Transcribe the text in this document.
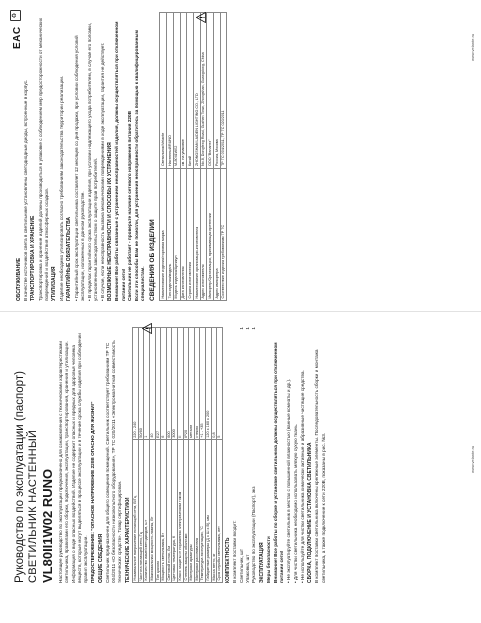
Руководство по эксплуатации (паспорт) СВЕТИЛЬНИК НАСТЕННЫЙ VL80II1W02 RUNO Настоящее руководство по эксплуатации предназначено для ознакомления с техническими характеристиками светильника, правилами его сборки, подключения, эксплуатации, транспортирования, хранения и утилизации. Информация о виде опасных воздействий. Изделие не содержит опасных и вредных для здоровья человека веществ, которые могут выделяться в процессе эксплуатации и в течение срока службы изделия при соблюдении правил эксплуатации. ПРЕДОСТЕРЕЖЕНИЕ: "ОПАСНОЕ НАПРЯЖЕНИЕ 220В ОПАСНО ДЛЯ ЖИЗНИ!" ОБЩИЕ СВЕДЕНИЯ Светильник предназначен для общего освещения помещений. Светильник соответствует требованиям ТР ТС 004/2011 «О безопасности низковольтного оборудования», ТР ТС 020/2011 «Электромагнитная совместимость технических средств». Товар сертифицирован. ТЕХНИЧЕСКИЕ ХАРАКТЕРИСТИКИ Номинальное напряжение питающей сети, В/Гц	220 - 240
Частота питающей сети, Гц	50/60
Количество ламп/светодиодов, шт	1
Максимальная мощность лампы, Вт	40
Тип цоколя	E27
Мощность светильника, Вт	6
Световой поток, Лм	600
Цветовая температура, К	3000
Класс защиты от поражения электрическим током	II
Степень защиты оболочки	IP20
Материал арматуры	металл
Материал рассеивателя	стекло
Температура эксплуатации, °C	+1 - +35
Габаритные размеры (Д x Ш x В), мм	120 x 160 x 200
Масса нетто, кг	0,8
Срок службы светильника, лет	5

КОМПЛЕКТНОСТЬ В комплект поставки входит: Светильник, шт
1
Упаковка, шт
1
Руководство по эксплуатации (Паспорт), экз
1

ЭКСПЛУАТАЦИЯ Меры безопасности Внимание! Все работы по сборке и установке светильника должны осуществляться при отключенном питании сети! • Не эксплуатируйте светильник в местах с повышенной влажностью (ванные комнаты и др.). • Для чистки светильника необходимо использовать мягкую сухую ткань. • Не используйте для чистки светильника химически активные и абразивные чистящие средства. СБОРКА, ПОДКЛЮЧЕНИЕ И УСТАНОВКА СВЕТИЛЬНИКА В комплект поставки светильника включены крепежные элементы. Последовательность сборки и монтажа светильника, а также подключение к сети 220В, показаны в рис. №3.	www.velante.ru

ОБСЛУЖИВАНИЕ В качестве источников света в светильнике установлены светодиодные диоды, встроенные в корпус. ТРАНСПОРТИРОВКА И ХРАНЕНИЕ Транспортировка и хранение изделий должны производиться в упаковке с соблюдением мер предосторожности от механических повреждений и воздействия атмосферных осадков. УТИЛИЗАЦИЯ Изделие необходимо утилизировать согласно требованиям законодательства территории реализации. ГАРАНТИЙНЫЕ ОБЯЗАТЕЛЬСТВА • Гарантийный срок эксплуатации светильника составляет 12 месяцев со дня продажи, при условии соблюдения условий эксплуатации, изложенных в данном руководстве. • В пределах гарантийного срока эксплуатации изделия, при условии надлежащего ухода потребителем, в случае его поломки, установленным законодательством о защите прав потребителей. • В случае, если неисправность вызвана механическими повреждениями в ходе эксплуатации, гарантия не действует. ВОЗМОЖНЫЕ НЕИСПРАВНОСТИ И СПОСОБЫ ИХ УСТРАНЕНИЯ Внимание! Все работы связанные с устранением неисправностей изделия, должны осуществляться при отключенном питании сети! Светильник не работает - проверьте наличие сетевого напряжения питания 220В Если эти способы Вам не помогли, для устранения неисправности обратитесь за помощью к квалифицированным специалистам. СВЕДЕНИЯ ОБ ИЗДЕЛИИ Наименование изделия/торговая марка	Светильник/Velante
Тип изделия/модель	Настенный/RUNO
Модель изделия/Артикул	VL80II1W02
Дата изготовления	см. на упаковке
Страна изготовления	Китай
Наименование организации-изготовителя	ZHONGSHAN LAIDEN LIGHTING CO., LTD
Адрес изготовителя	No.8, Dongfeng Road, Guzhen Town, Zhongshan, Guangdong, China
Импортер/Организация, принимающая претензии	ООО "Велантэ"
Адрес импортера	Россия, Москва
Соответствие изделия требованиям ТР ТС	ТР ТС 004/2011, ТР ТС 020/2011
EAC
♻
www.velante.ru
